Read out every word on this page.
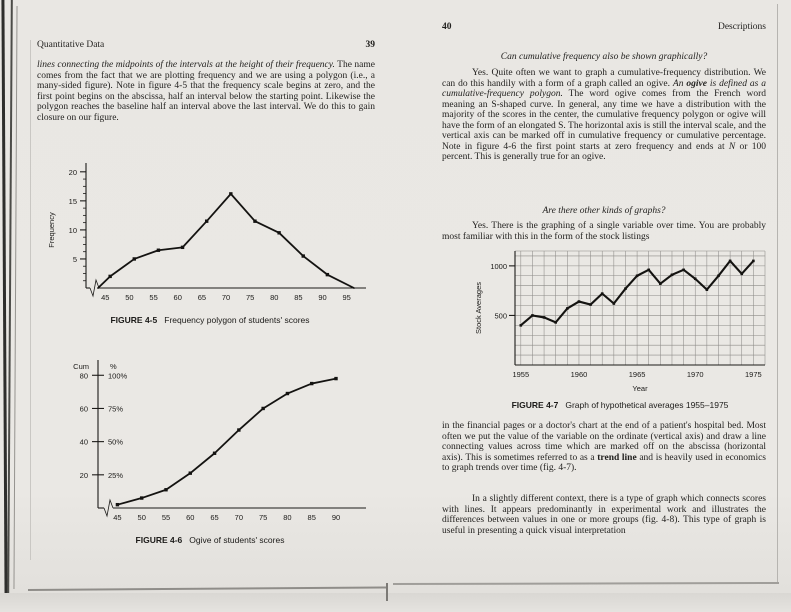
Quantitative Data	39
lines connecting the midpoints of the intervals at the height of their frequency. The name comes from the fact that we are plotting frequency and we are using a polygon (i.e., a many-sided figure). Note in figure 4-5 that the frequency scale begins at zero, and the first point begins on the abscissa, half an interval below the starting point. Likewise the polygon reaches the baseline half an interval above the last interval. We do this to gain closure on our figure.
5
10
15
20
45 50 55 60 65 70 75 80 85 90 95
Frequency
FIGURE 4-5 Frequency polygon of students' scores
Cum	%
20	25%
40	50%
60	75%
80	100%
45 50 55 60 65 70 75 80 85 90
FIGURE 4-6 Ogive of students' scores
40	Descriptions
Can cumulative frequency also be shown graphically?
Yes. Quite often we want to graph a cumulative-frequency distribution. We can do this handily with a form of a graph called an ogive. An ogive is defined as a cumulative-frequency polygon. The word ogive comes from the French word meaning an S-shaped curve. In general, any time we have a distribution with the majority of the scores in the center, the cumulative frequency polygon or ogive will have the form of an elongated S. The horizontal axis is still the interval scale, and the vertical axis can be marked off in cumulative frequency or cumulative percentage. Note in figure 4-6 the first point starts at zero frequency and ends at N or 100 percent. This is generally true for an ogive.
Are there other kinds of graphs?
Yes. There is the graphing of a single variable over time. You are probably most familiar with this in the form of the stock listings
500
1000
1955	1960	1965	1970	1975
Year
Stock Averages
FIGURE 4-7 Graph of hypothetical averages 1955–1975
in the financial pages or a doctor's chart at the end of a patient's hospital bed. Most often we put the value of the variable on the ordinate (vertical axis) and draw a line connecting values across time which are marked off on the abscissa (horizontal axis). This is sometimes referred to as a trend line and is heavily used in economics to graph trends over time (fig. 4-7).
In a slightly different context, there is a type of graph which connects scores with lines. It appears predominantly in experimental work and illustrates the differences between values in one or more groups (fig. 4-8). This type of graph is useful in presenting a quick visual interpretation
